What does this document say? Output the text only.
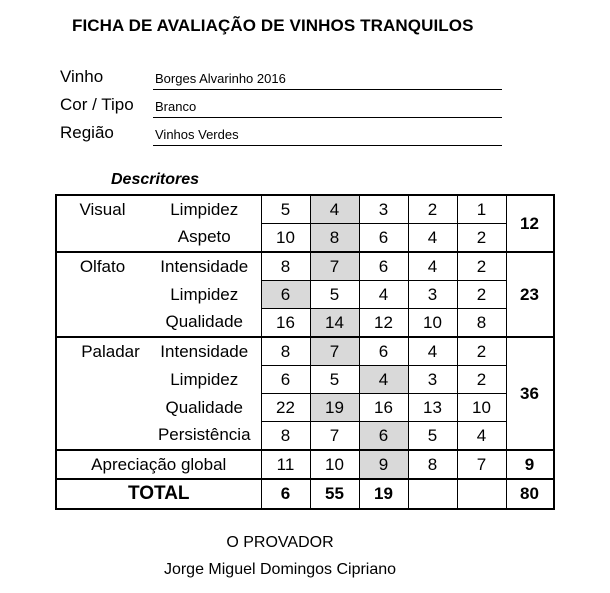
FICHA DE AVALIAÇÃO DE VINHOS TRANQUILOS
Vinho	Borges Alvarinho 2016
Cor / Tipo Branco
Região	Vinhos Verdes
Descritores
Visual	Limpidez	5	4	3	2	1	12
	Aspeto	10	8	6	4	2	
Olfato	Intensidade	8	7	6	4	2	23
	Limpidez	6	5	4	3	2	
	Qualidade	16	14	12	10	8	
Paladar	Intensidade	8	7	6	4	2	36
	Limpidez	6	5	4	3	2	
	Qualidade	22	19	16	13	10	
	Persistência	8	7	6	5	4	
Apreciação global		11	10	9	8	7	9
TOTAL		6	55	19			80
O PROVADOR
Jorge Miguel Domingos Cipriano
